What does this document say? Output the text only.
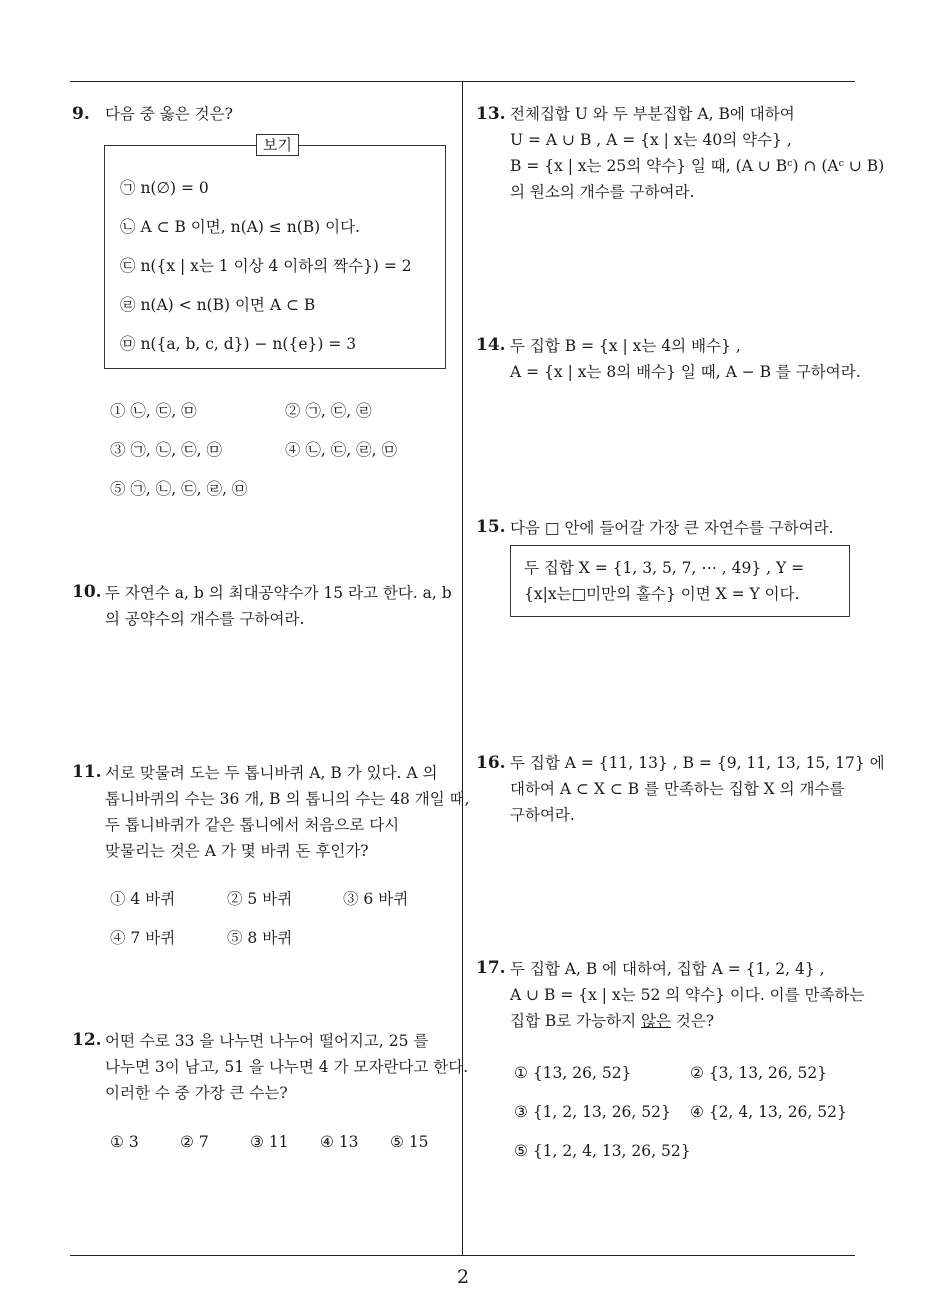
9. 다음 중 옳은 것은?
보기
㉠ n(∅) = 0
㉡ A ⊂ B 이면, n(A) ≤ n(B) 이다.
㉢ n({x | x는 1 이상 4 이하의 짝수}) = 2
㉣ n(A) < n(B) 이면 A ⊂ B
㉤ n({a, b, c, d}) − n({e}) = 3
① ㉡, ㉢, ㉤	② ㉠, ㉢, ㉣
③ ㉠, ㉡, ㉢, ㉤	④ ㉡, ㉢, ㉣, ㉤
⑤ ㉠, ㉡, ㉢, ㉣, ㉤
10. 두 자연수 a, b 의 최대공약수가 15 라고 한다. a, b
의 공약수의 개수를 구하여라.
11. 서로 맞물려 도는 두 톱니바퀴 A, B 가 있다. A 의
톱니바퀴의 수는 36 개, B 의 톱니의 수는 48 개일 때,
두 톱니바퀴가 같은 톱니에서 처음으로 다시
맞물리는 것은 A 가 몇 바퀴 돈 후인가?
① 4 바퀴	② 5 바퀴	③ 6 바퀴
④ 7 바퀴	⑤ 8 바퀴
12. 어떤 수로 33 을 나누면 나누어 떨어지고, 25 를
나누면 3이 남고, 51 을 나누면 4 가 모자란다고 한다.
이러한 수 중 가장 큰 수는?
① 3	② 7	③ 11 ④ 13 ⑤ 15
13. 전체집합 U 와 두 부분집합 A, B에 대하여
U = A ∪ B , A = {x | x는 40의 약수} ,
B = {x | x는 25의 약수} 일 때, (A ∪ Bᶜ) ∩ (Aᶜ ∪ B)
의 원소의 개수를 구하여라.
14. 두 집합 B = {x | x는 4의 배수} ,
A = {x | x는 8의 배수} 일 때, A − B 를 구하여라.
15. 다음 □ 안에 들어갈 가장 큰 자연수를 구하여라.
두 집합 X = {1, 3, 5, 7, ⋯ , 49} , Y =
{x|x는□미만의 홀수} 이면 X = Y 이다.
16. 두 집합 A = {11, 13} , B = {9, 11, 13, 15, 17} 에
대하여 A ⊂ X ⊂ B 를 만족하는 집합 X 의 개수를
구하여라.
17. 두 집합 A, B 에 대하여, 집합 A = {1, 2, 4} ,
A ∪ B = {x | x는 52 의 약수} 이다. 이를 만족하는
집합 B로 가능하지 않은 것은?
① {13, 26, 52}	② {3, 13, 26, 52}
③ {1, 2, 13, 26, 52} ④ {2, 4, 13, 26, 52}
⑤ {1, 2, 4, 13, 26, 52}
2
